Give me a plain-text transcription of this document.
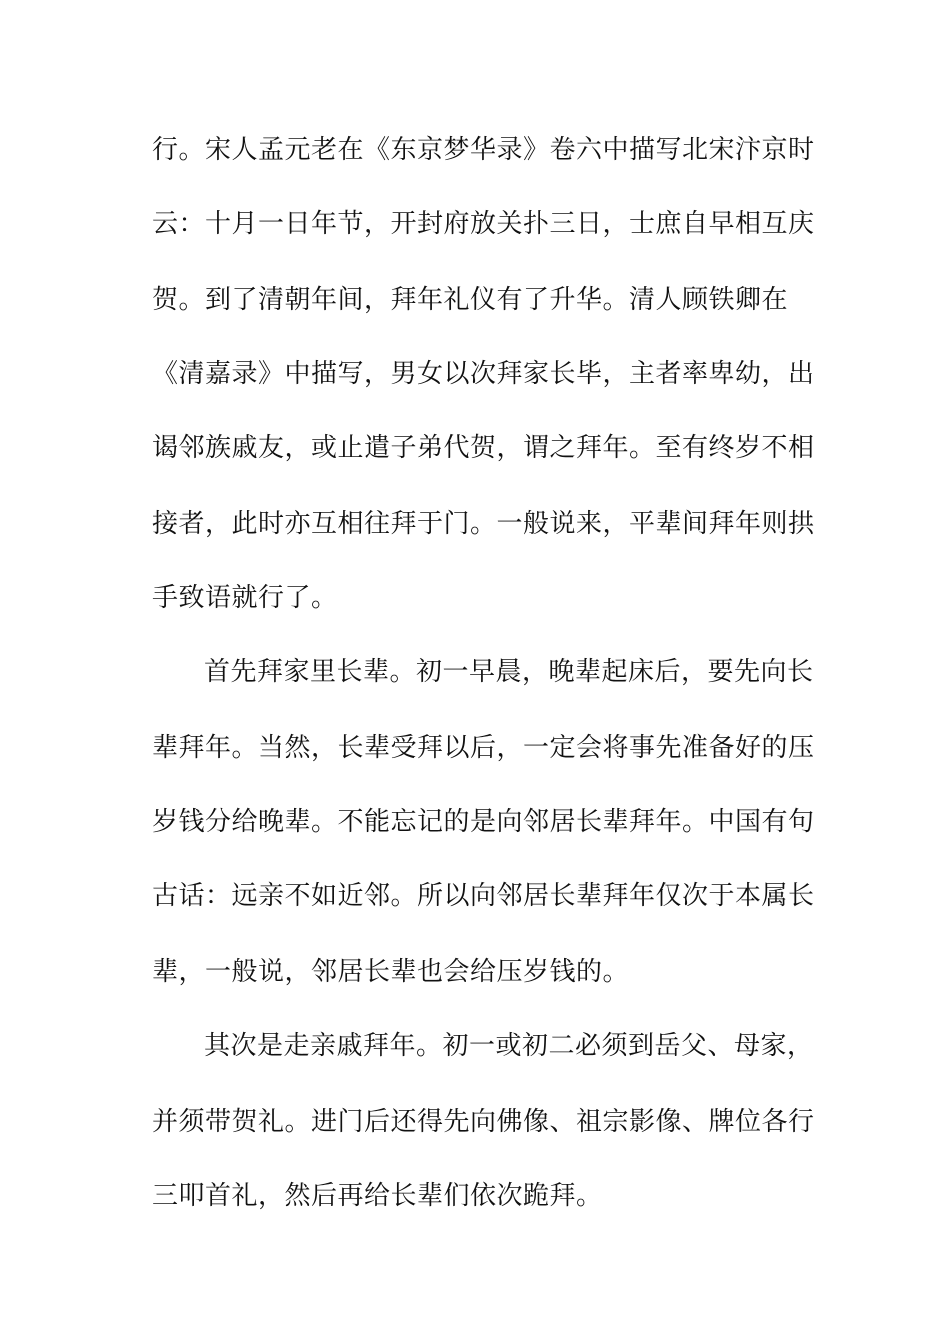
行。宋人孟元老在《东京梦华录》卷六中描写北宋汴京时
云：十月一日年节，开封府放关扑三日，士庶自早相互庆
贺。到了清朝年间，拜年礼仪有了升华。清人顾铁卿在
《清嘉录》中描写，男女以次拜家长毕，主者率卑幼，出
谒邻族戚友，或止遣子弟代贺，谓之拜年。至有终岁不相
接者，此时亦互相往拜于门。一般说来，平辈间拜年则拱
手致语就行了。
首先拜家里长辈。初一早晨，晚辈起床后，要先向长
辈拜年。当然，长辈受拜以后，一定会将事先准备好的压
岁钱分给晚辈。不能忘记的是向邻居长辈拜年。中国有句
古话：远亲不如近邻。所以向邻居长辈拜年仅次于本属长
辈，一般说，邻居长辈也会给压岁钱的。
其次是走亲戚拜年。初一或初二必须到岳父、母家，
并须带贺礼。进门后还得先向佛像、祖宗影像、牌位各行
三叩首礼，然后再给长辈们依次跪拜。
